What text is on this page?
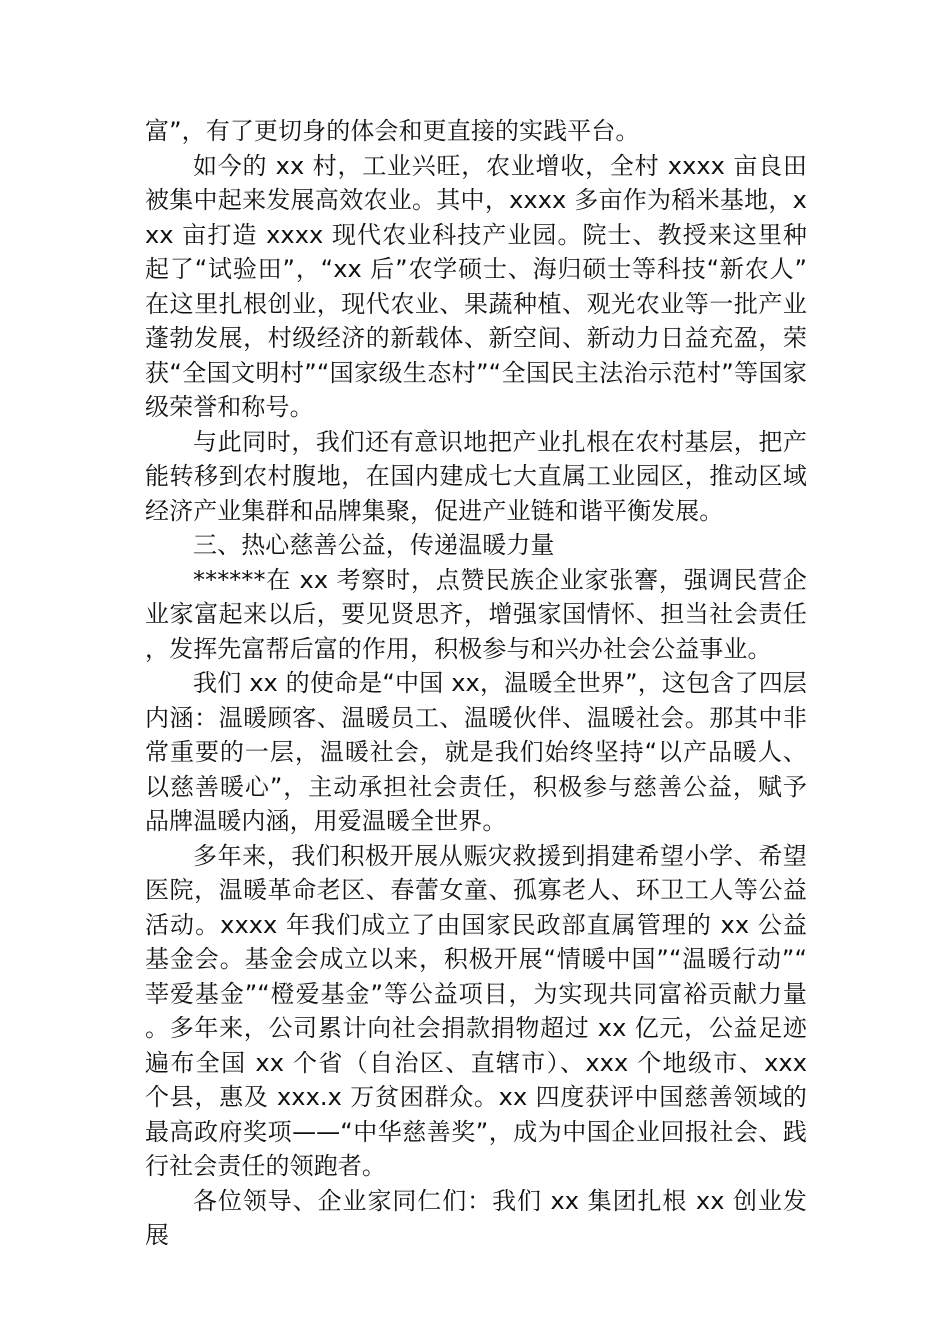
富”，有了更切身的体会和更直接的实践平台。

如今的 xx 村，工业兴旺，农业增收，全村 xxxx 亩良田被集中起来发展高效农业。其中，xxxx 多亩作为稻米基地，xxx 亩打造 xxxx 现代农业科技产业园。院士、教授来这里种起了“试验田”，“xx 后”农学硕士、海归硕士等科技“新农人”在这里扎根创业，现代农业、果蔬种植、观光农业等一批产业蓬勃发展，村级经济的新载体、新空间、新动力日益充盈，荣获“全国文明村”“国家级生态村”“全国民主法治示范村”等国家级荣誉和称号。

与此同时，我们还有意识地把产业扎根在农村基层，把产能转移到农村腹地，在国内建成七大直属工业园区，推动区域经济产业集群和品牌集聚，促进产业链和谐平衡发展。

三、热心慈善公益，传递温暖力量

******在 xx 考察时，点赞民族企业家张謇，强调民营企业家富起来以后，要见贤思齐，增强家国情怀、担当社会责任，发挥先富帮后富的作用，积极参与和兴办社会公益事业。

我们 xx 的使命是“中国 xx，温暖全世界”，这包含了四层内涵：温暖顾客、温暖员工、温暖伙伴、温暖社会。那其中非常重要的一层，温暖社会，就是我们始终坚持“以产品暖人、以慈善暖心”，主动承担社会责任，积极参与慈善公益，赋予品牌温暖内涵，用爱温暖全世界。

多年来，我们积极开展从赈灾救援到捐建希望小学、希望医院，温暖革命老区、春蕾女童、孤寡老人、环卫工人等公益活动。xxxx 年我们成立了由国家民政部直属管理的 xx 公益基金会。基金会成立以来，积极开展“情暖中国”“温暖行动”“莘爱基金”“橙爱基金”等公益项目，为实现共同富裕贡献力量。多年来，公司累计向社会捐款捐物超过 xx 亿元，公益足迹遍布全国 xx 个省（自治区、直辖市）、xxx 个地级市、xxx 个县，惠及 xxx.x 万贫困群众。xx 四度获评中国慈善领域的最高政府奖项——“中华慈善奖”，成为中国企业回报社会、践行社会责任的领跑者。

各位领导、企业家同仁们：我们 xx 集团扎根 xx 创业发展
